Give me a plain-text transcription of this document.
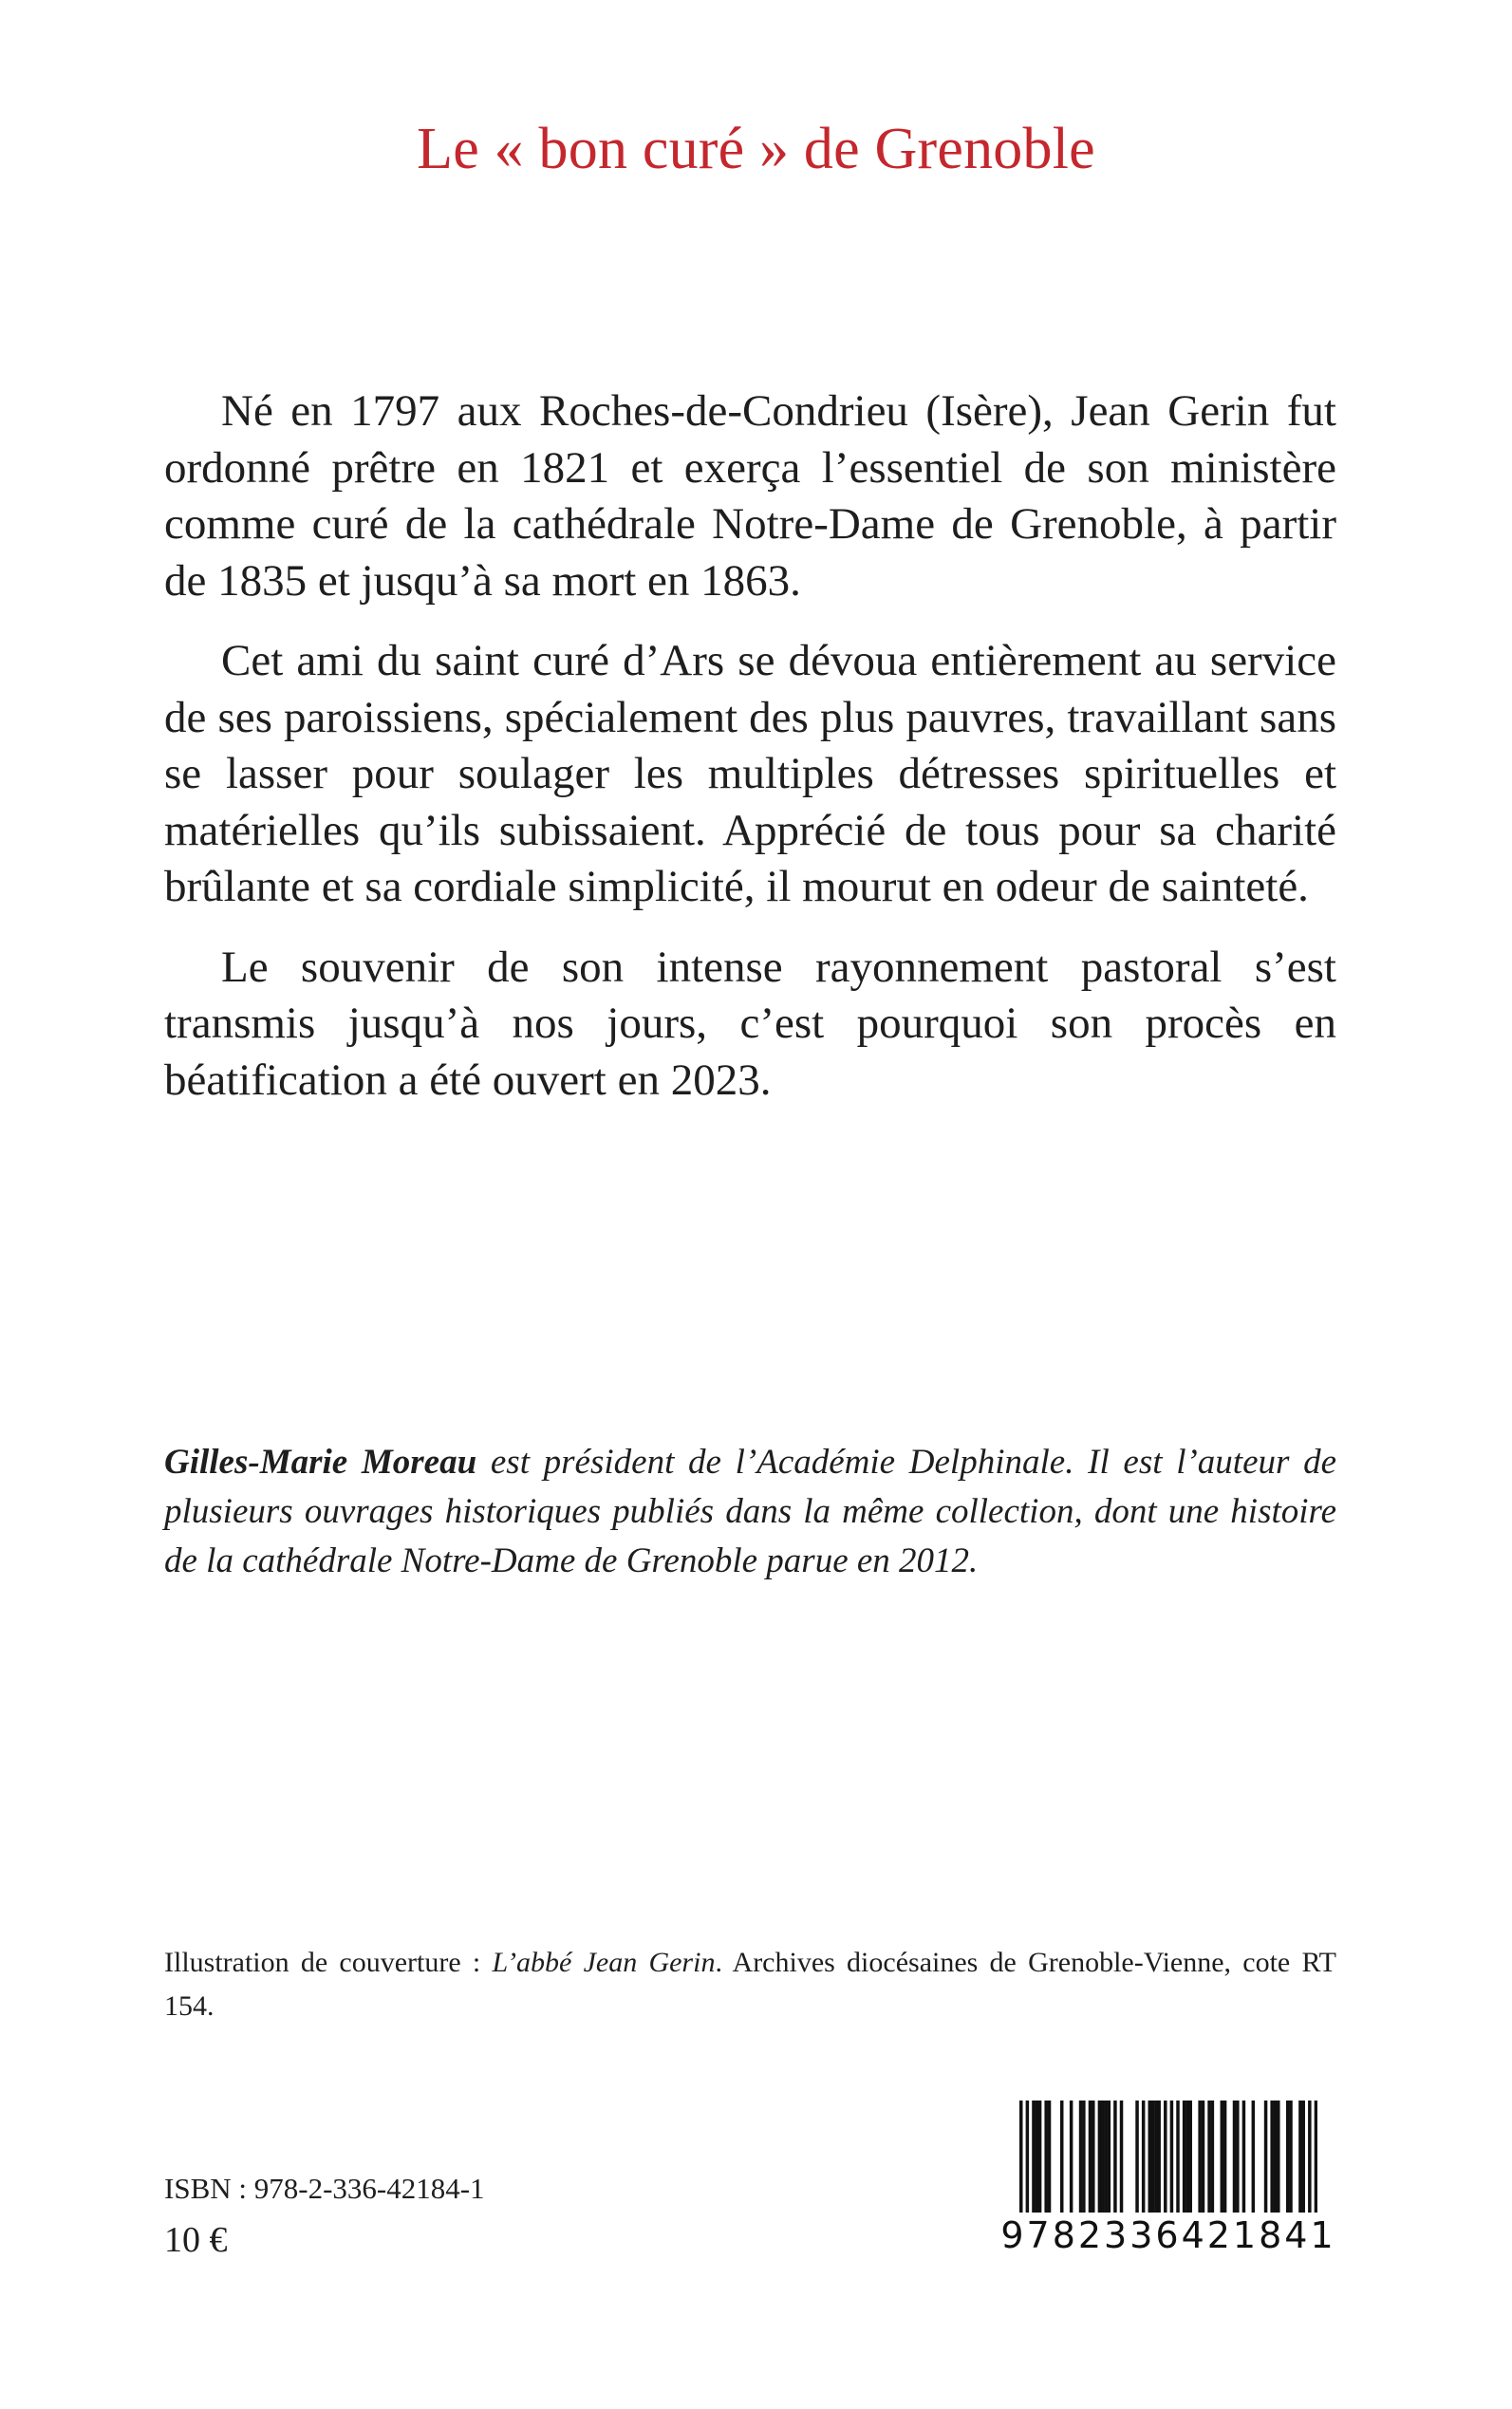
Le « bon curé » de Grenoble

Né en 1797 aux Roches-de-Condrieu (Isère), Jean Gerin fut ordonné prêtre en 1821 et exerça l’essentiel de son ministère comme curé de la cathédrale Notre-Dame de Grenoble, à partir de 1835 et jusqu’à sa mort en 1863.

Cet ami du saint curé d’Ars se dévoua entièrement au service de ses paroissiens, spécialement des plus pauvres, travaillant sans se lasser pour soulager les multiples détresses spirituelles et matérielles qu’ils subissaient. Apprécié de tous pour sa charité brûlante et sa cordiale simplicité, il mourut en odeur de sainteté.

Le souvenir de son intense rayonnement pastoral s’est transmis jusqu’à nos jours, c’est pourquoi son procès en béatification a été ouvert en 2023.

Gilles-Marie Moreau est président de l’Académie Delphinale. Il est l’auteur de plusieurs ouvrages historiques publiés dans la même collection, dont une histoire de la cathédrale Notre-Dame de Grenoble parue en 2012.

Illustration de couverture : L’abbé Jean Gerin. Archives diocésaines de Grenoble-Vienne, cote RT 154.

ISBN : 978-2-336-42184-1

10 €	9782336421841
